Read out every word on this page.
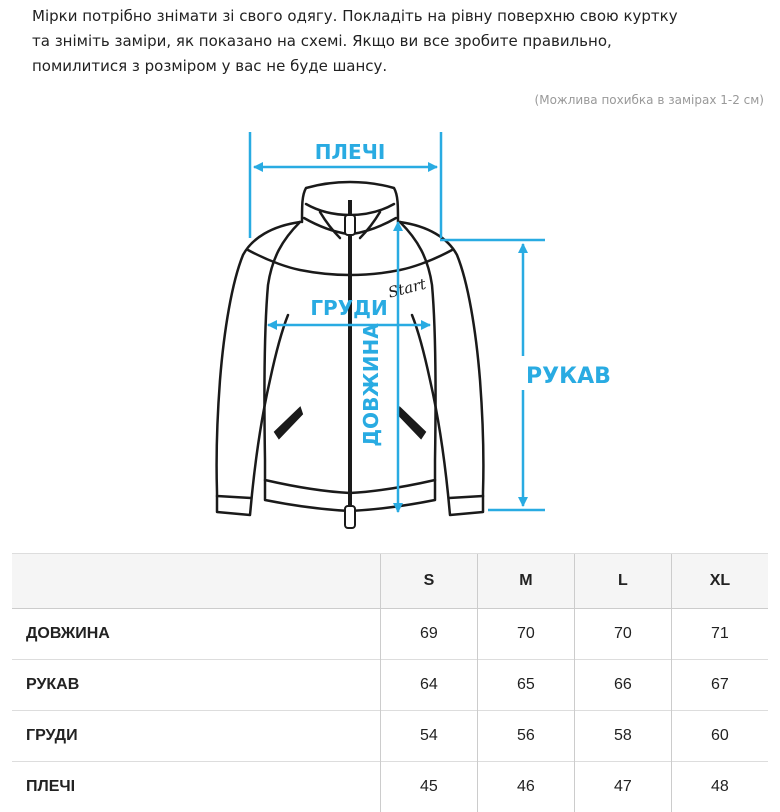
Мірки потрібно знімати зі свого одягу. Покладіть на рівну поверхню свою куртку

та зніміть заміри, як показано на схемі. Якщо ви все зробите правильно,

помилитися з розміром у вас не буде шансу.

(Можлива похибка в замірах 1-2 см)
Start
ПЛЕЧІ
ГРУДИ
ДОВЖИНА	РУКАВ
	S	M	L	XL
ДОВЖИНА	69	70	70	71
РУКАВ	64	65	66	67
ГРУДИ	54	56	58	60
ПЛЕЧІ	45	46	47	48
